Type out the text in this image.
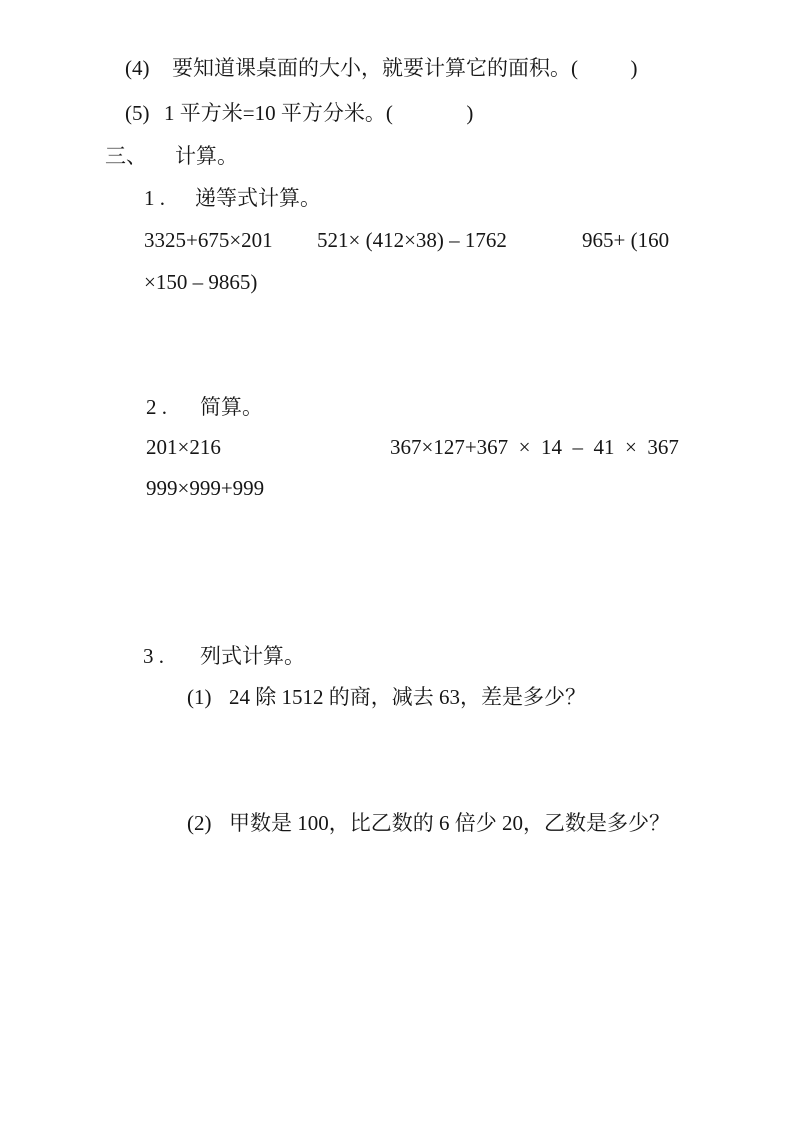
(4) 要知道课桌面的大小，就要计算它的面积。(          )
(5) 1 平方米=10 平方分米。(              )
三、 计算。
1 . 递等式计算。
3325+675×201 521× (412×38) – 1762	965+ (160
×150 – 9865)
2 . 简算。
201×216	367×127+367  ×  14  –  41  ×  367
999×999+999
3 . 列式计算。
(1) 24 除 1512 的商，减去 63，差是多少？
(2) 甲数是 100，比乙数的 6 倍少 20，乙数是多少？
